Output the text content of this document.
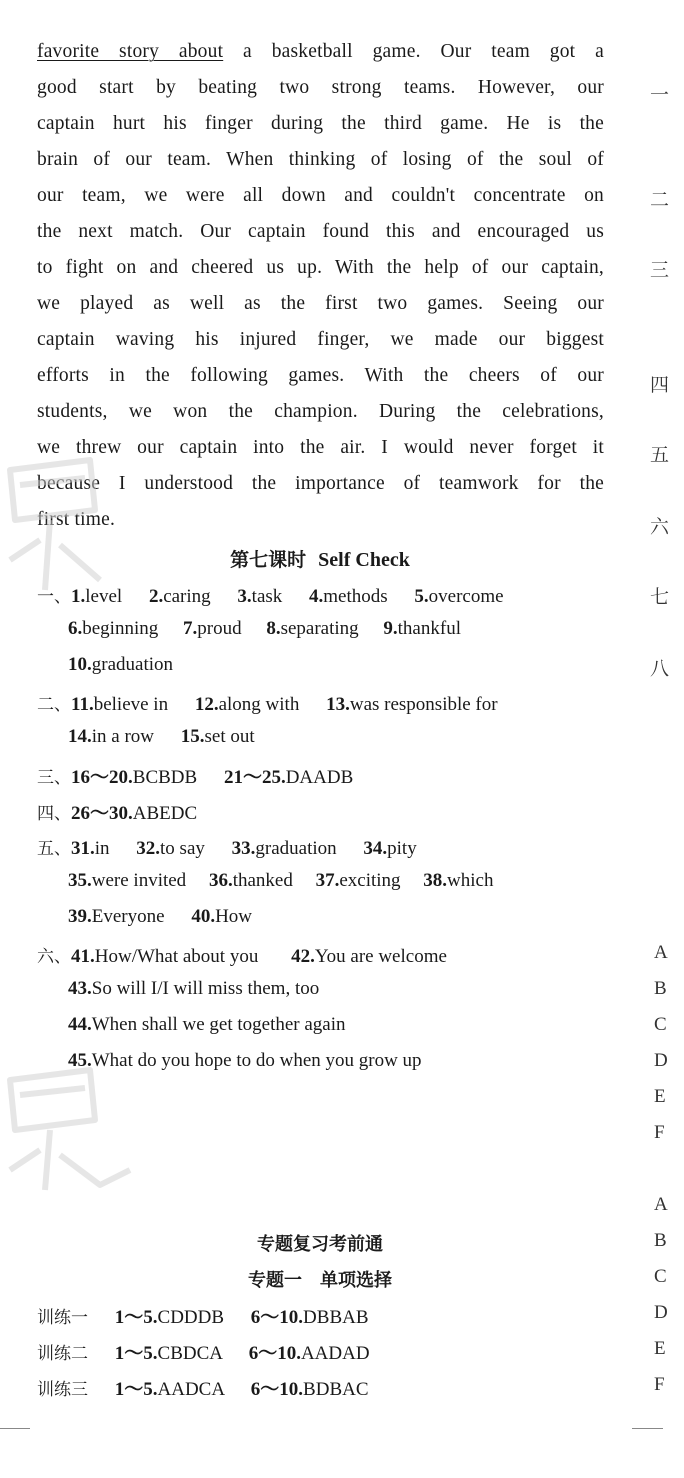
favorite story about a basketball game. Our team got a
good start by beating two strong teams. However, our
captain hurt his finger during the third game. He is the
brain of our team. When thinking of losing of the soul of
our team, we were all down and couldn't concentrate on
the next match. Our captain found this and encouraged us
to fight on and cheered us up. With the help of our captain,
we played as well as the first two games. Seeing our
captain waving his injured finger, we made our biggest
efforts in the following games. With the cheers of our
students, we won the champion. During the celebrations,
we threw our captain into the air. I would never forget it
because I understood the importance of teamwork for the
first time.
第七课时 Self Check
一、1.level 2.caring 3.task 4.methods 5.overcome
6.beginning 7.proud 8.separating 9.thankful
10.graduation
二、11.believe in 12.along with 13.was responsible for
14.in a row 15.set out
三、16～20.BCBDB 21～25.DAADB
四、26～30.ABEDC
五、31.in 32.to say 33.graduation 34.pity
35.were invited 36.thanked 37.exciting 38.which
39.Everyone 40.How
六、41.How/What about you 42.You are welcome
43.So will I/I will miss them, too
44.When shall we get together again
45.What do you hope to do when you grow up
专题复习考前通
专题一 单项选择
训练一 1～5.CDDDB 6～10.DBBAB
训练二 1～5.CBDCA 6～10.AADAD
训练三 1～5.AADCA 6～10.BDBAC
一
二
三
四
五
六
七
八
A
B
C
D
E
F
A
B
C
D
E
F
